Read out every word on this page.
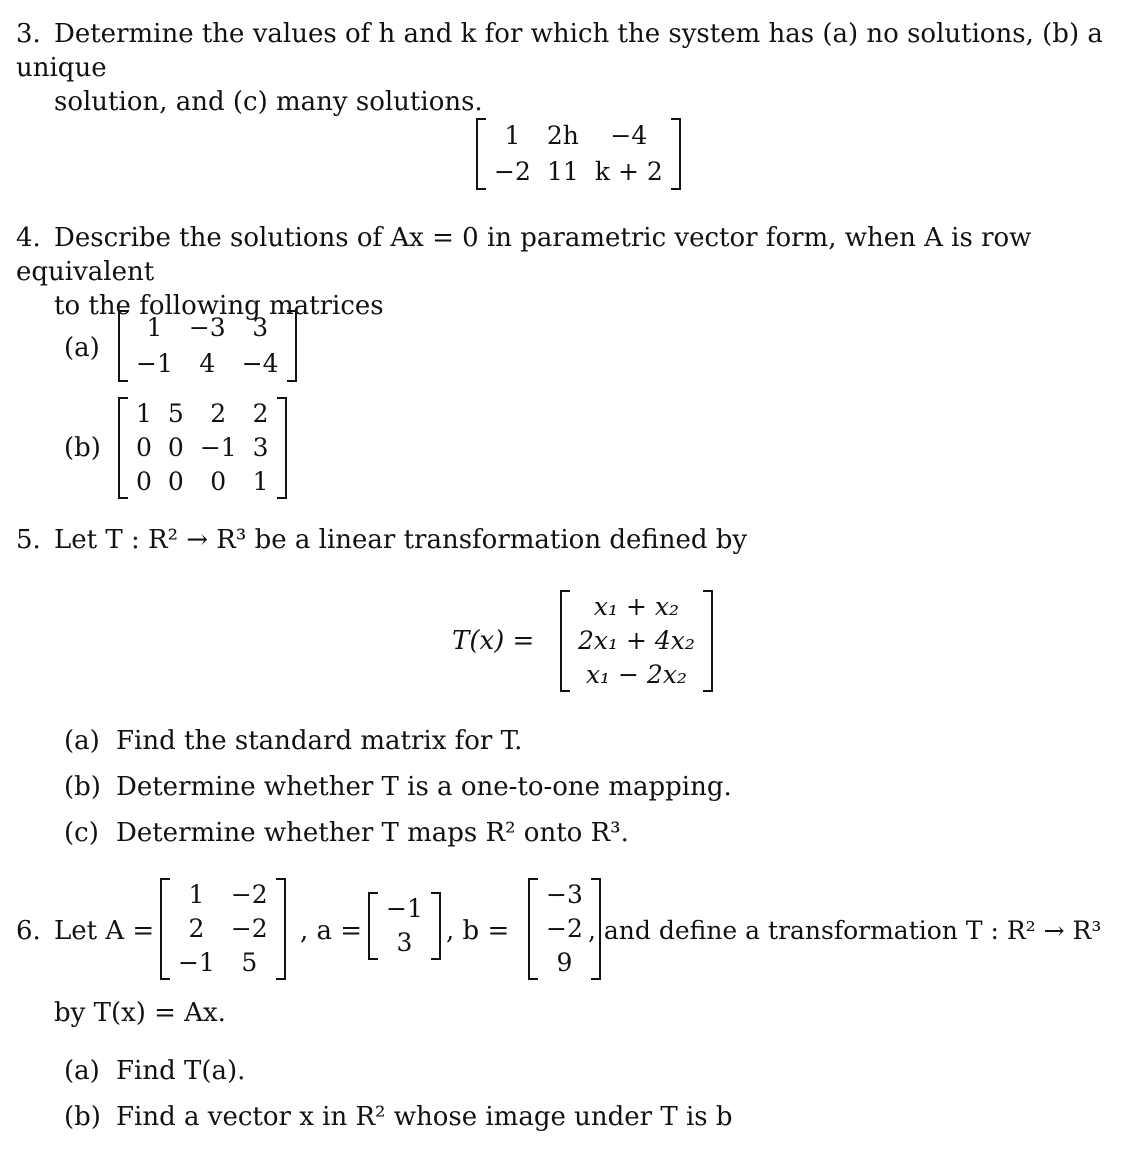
3. Determine the values of h and k for which the system has (a) no solutions, (b) a unique
solution, and (c) many solutions.
1	2h	−4
−2	11	k + 2
4. Describe the solutions of Ax = 0 in parametric vector form, when A is row equivalent
to the following matrices
(a)
1	−3	3
−1	4	−4
(b)
1	5	2	2
0	0	−1	3
0	0	0	1
5. Let T : R² → R³ be a linear transformation defined by
T(x) =
x₁ + x₂
2x₁ + 4x₂
x₁ − 2x₂
(a) Find the standard matrix for T.
(b) Determine whether T is a one-to-one mapping.
(c) Determine whether T maps R² onto R³.
6. Let A =
1	−2
2	−2
−1	5
, a =
−1
3 , b =
−3
−2
9
, and define a transformation T : R² → R³
by T(x) = Ax.
(a) Find T(a).
(b) Find a vector x in R² whose image under T is b
